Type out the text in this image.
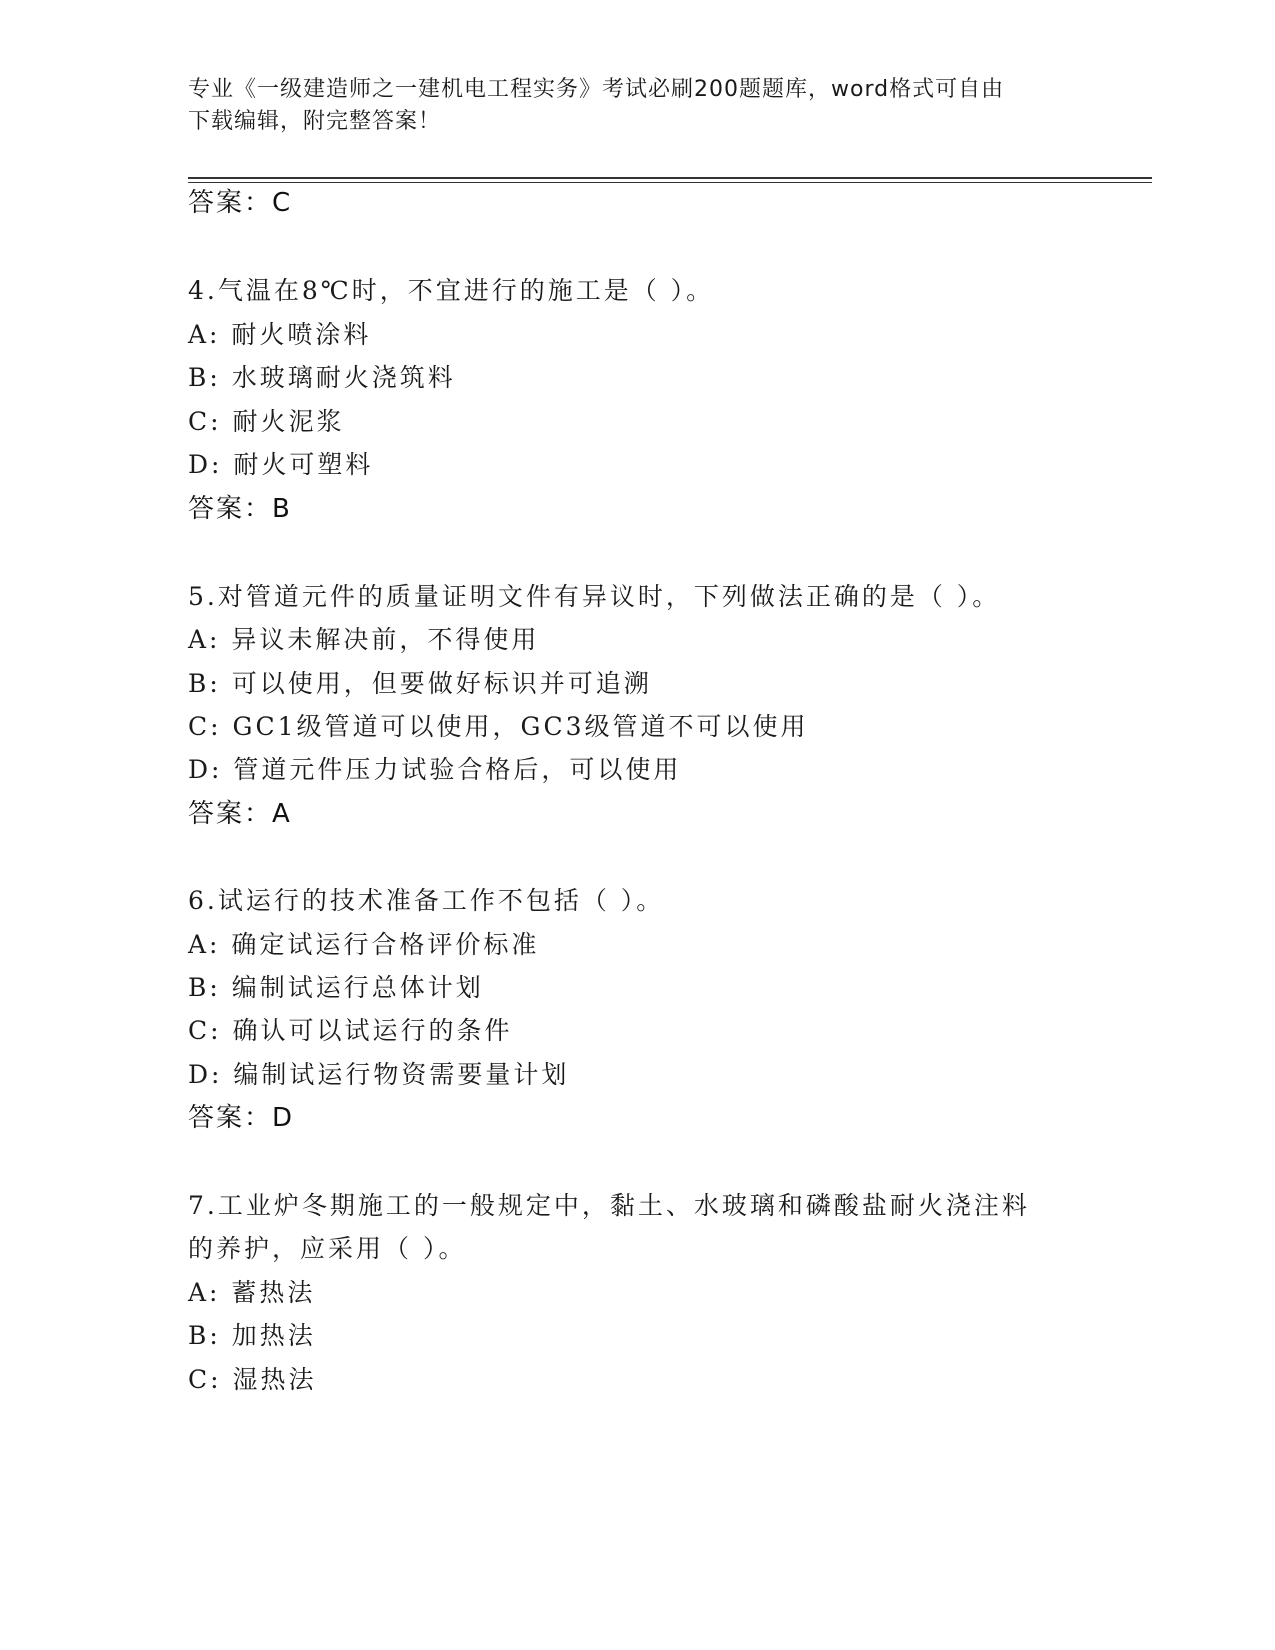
专业《一级建造师之一建机电工程实务》考试必刷200题题库，word格式可自由
下载编辑，附完整答案！
答案：C
4.气温在8℃时，不宜进行的施工是（ ）。
A: 耐火喷涂料
B: 水玻璃耐火浇筑料
C: 耐火泥浆
D: 耐火可塑料
答案：B
5.对管道元件的质量证明文件有异议时，下列做法正确的是（ ）。
A: 异议未解决前，不得使用
B: 可以使用，但要做好标识并可追溯
C: GC1级管道可以使用，GC3级管道不可以使用
D: 管道元件压力试验合格后，可以使用
答案：A
6.试运行的技术准备工作不包括（ ）。
A: 确定试运行合格评价标准
B: 编制试运行总体计划
C: 确认可以试运行的条件
D: 编制试运行物资需要量计划
答案：D
7.工业炉冬期施工的一般规定中，黏土、水玻璃和磷酸盐耐火浇注料
的养护，应采用（ ）。
A: 蓄热法
B: 加热法
C: 湿热法
